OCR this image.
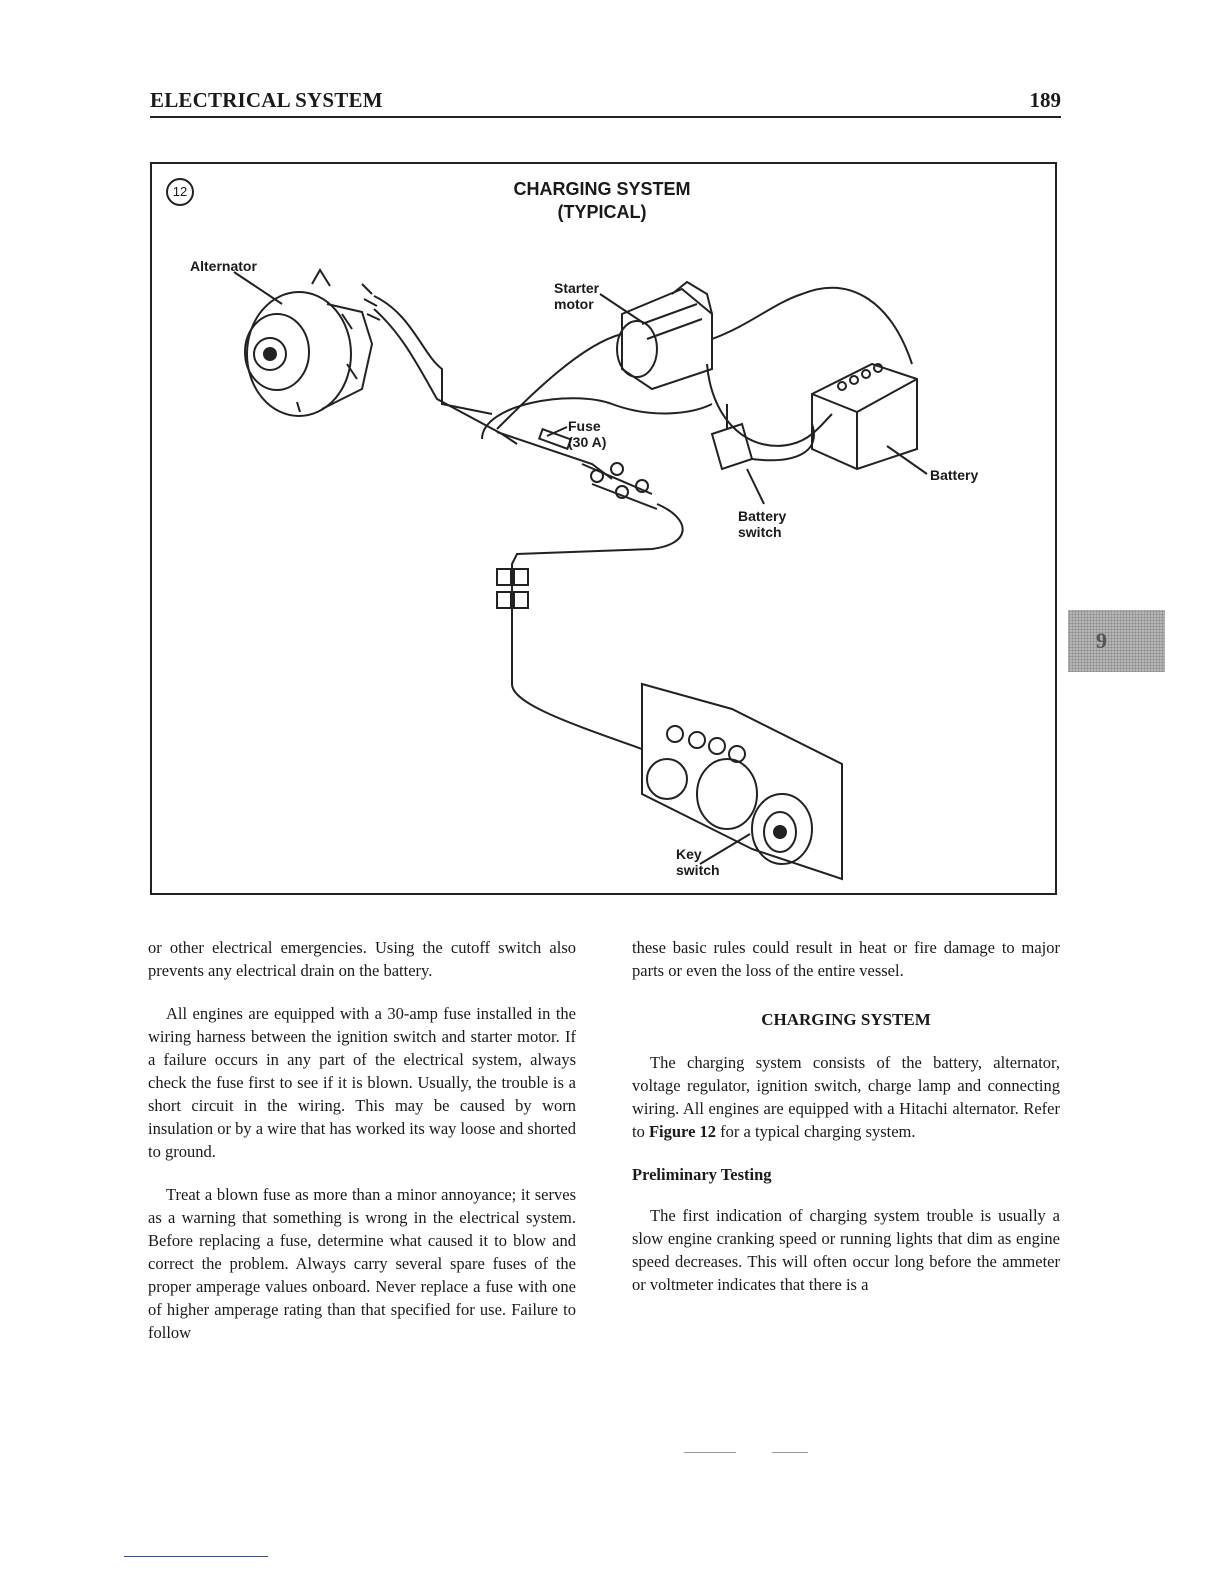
ELECTRICAL SYSTEM	189
12	CHARGING SYSTEM
(TYPICAL)
Alternator
Starter
motor
Fuse
(30 A)
Battery
Battery
switch
Key
switch

or other electrical emergencies. Using the cutoff switch also prevents any electrical drain on the battery.

All engines are equipped with a 30-amp fuse installed in the wiring harness between the ignition switch and starter motor. If a failure occurs in any part of the electrical system, always check the fuse first to see if it is blown. Usually, the trouble is a short circuit in the wiring. This may be caused by worn insulation or by a wire that has worked its way loose and shorted to ground.

Treat a blown fuse as more than a minor annoyance; it serves as a warning that something is wrong in the electrical system. Before replacing a fuse, determine what caused it to blow and correct the problem. Always carry several spare fuses of the proper amperage values onboard. Never replace a fuse with one of higher amperage rating than that specified for use. Failure to follow

these basic rules could result in heat or fire damage to major parts or even the loss of the entire vessel.

CHARGING SYSTEM

The charging system consists of the battery, alternator, voltage regulator, ignition switch, charge lamp and connecting wiring. All engines are equipped with a Hitachi alternator. Refer to Figure 12 for a typical charging system.

Preliminary Testing

The first indication of charging system trouble is usually a slow engine cranking speed or running lights that dim as engine speed decreases. This will often occur long before the ammeter or voltmeter indicates that there is a

9
